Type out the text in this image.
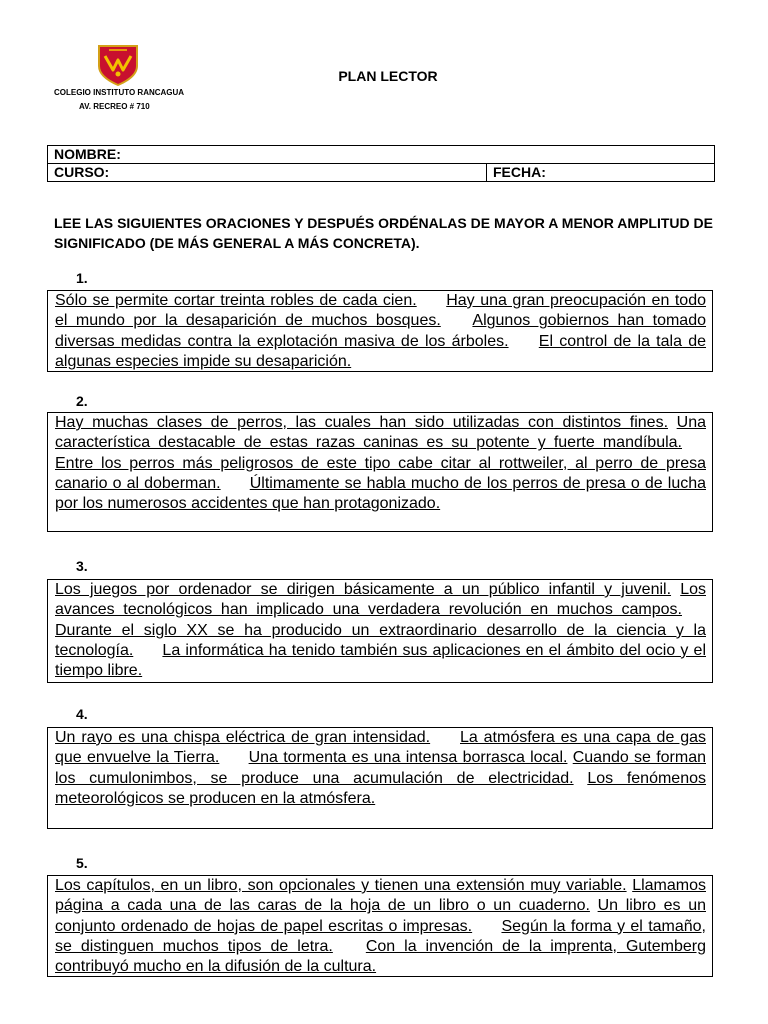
COLEGIO INSTITUTO RANCAGUA
AV. RECREO # 710
PLAN LECTOR
NOMBRE:
CURSO:	FECHA:
LEE LAS SIGUIENTES ORACIONES Y DESPUÉS ORDÉNALAS DE MAYOR A MENOR AMPLITUD DE SIGNIFICADO (DE MÁS GENERAL A MÁS CONCRETA).
1.
Sólo se permite cortar treinta robles de cada cien. Hay una gran preocupación en todo el mundo por la desaparición de muchos bosques. Algunos gobiernos han tomado diversas medidas contra la explotación masiva de los árboles. El control de la tala de algunas especies impide su desaparición.
2.
Hay muchas clases de perros, las cuales han sido utilizadas con distintos fines. Una característica destacable de estas razas caninas es su potente y fuerte mandíbula. Entre los perros más peligrosos de este tipo cabe citar al rottweiler, al perro de presa canario o al doberman. Últimamente se habla mucho de los perros de presa o de lucha por los numerosos accidentes que han protagonizado.
3.
Los juegos por ordenador se dirigen básicamente a un público infantil y juvenil. Los avances tecnológicos han implicado una verdadera revolución en muchos campos. Durante el siglo XX se ha producido un extraordinario desarrollo de la ciencia y la tecnología. La informática ha tenido también sus aplicaciones en el ámbito del ocio y el tiempo libre.
4.
Un rayo es una chispa eléctrica de gran intensidad. La atmósfera es una capa de gas que envuelve la Tierra. Una tormenta es una intensa borrasca local. Cuando se forman los cumulonimbos, se produce una acumulación de electricidad. Los fenómenos meteorológicos se producen en la atmósfera.
5.
Los capítulos, en un libro, son opcionales y tienen una extensión muy variable. Llamamos página a cada una de las caras de la hoja de un libro o un cuaderno. Un libro es un conjunto ordenado de hojas de papel escritas o impresas. Según la forma y el tamaño, se distinguen muchos tipos de letra. Con la invención de la imprenta, Gutemberg contribuyó mucho en la difusión de la cultura.
